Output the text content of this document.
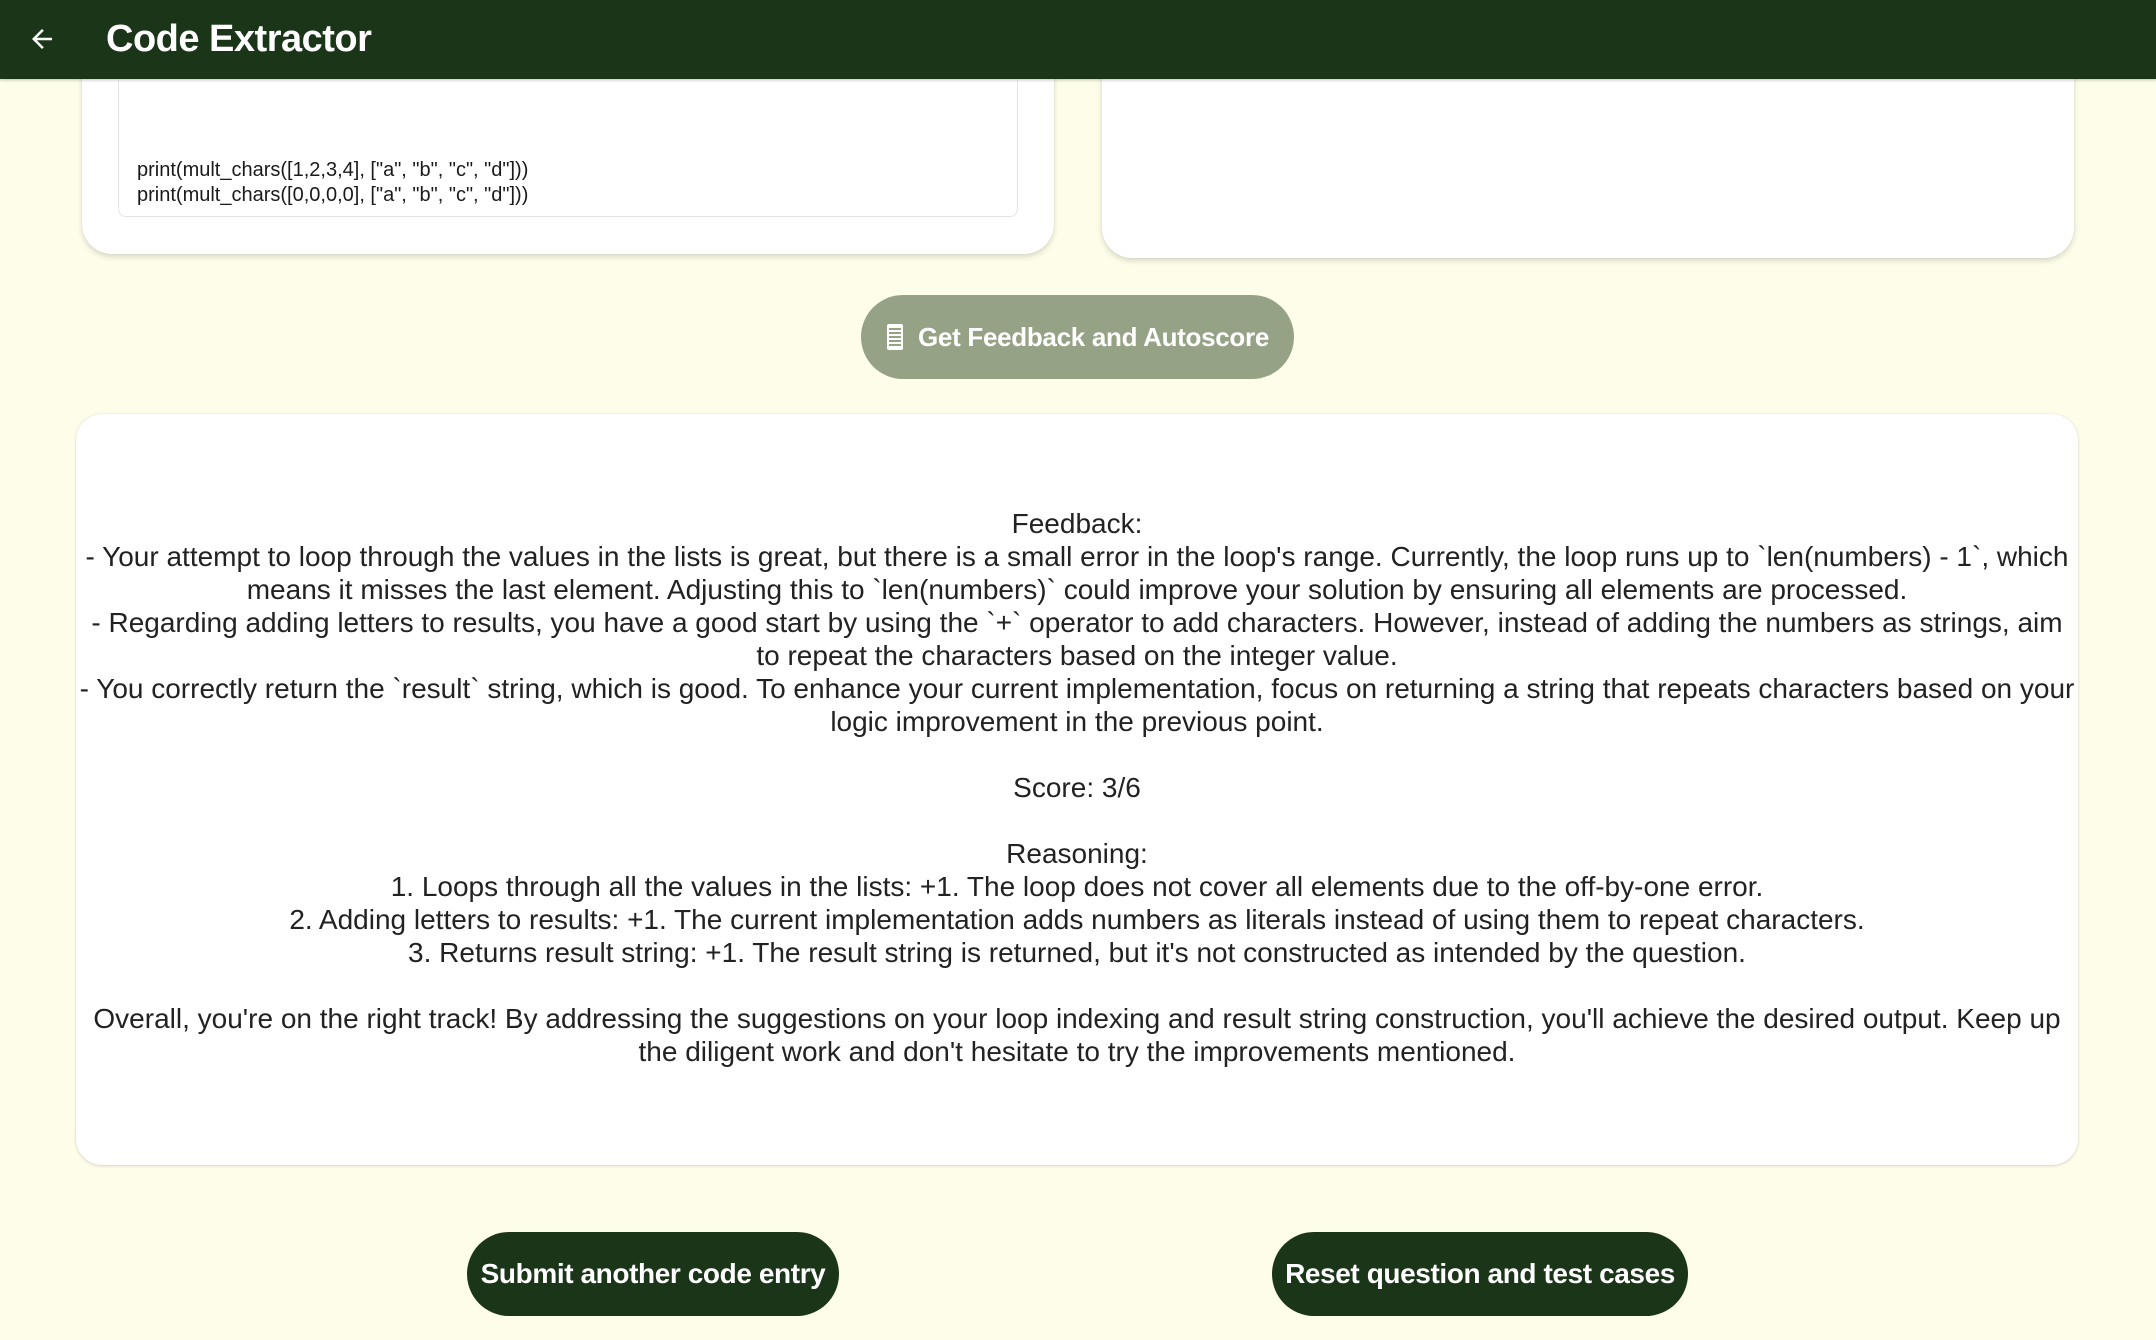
Code Extractor
print(mult_chars([1,2,3,4], ["a", "b", "c", "d"]))
print(mult_chars([0,0,0,0], ["a", "b", "c", "d"]))
Get Feedback and Autoscore
Feedback:
- Your attempt to loop through the values in the lists is great, but there is a small error in the loop's range. Currently, the loop runs up to `len(numbers) - 1`, which means it misses the last element. Adjusting this to `len(numbers)` could improve your solution by ensuring all elements are processed.
- Regarding adding letters to results, you have a good start by using the `+` operator to add characters. However, instead of adding the numbers as strings, aim to repeat the characters based on the integer value.
- You correctly return the `result` string, which is good. To enhance your current implementation, focus on returning a string that repeats characters based on your logic improvement in the previous point.

Score: 3/6

Reasoning:
1. Loops through all the values in the lists: +1. The loop does not cover all elements due to the off-by-one error.
2. Adding letters to results: +1. The current implementation adds numbers as literals instead of using them to repeat characters.
3. Returns result string: +1. The result string is returned, but it's not constructed as intended by the question.

Overall, you're on the right track! By addressing the suggestions on your loop indexing and result string construction, you'll achieve the desired output. Keep up the diligent work and don't hesitate to try the improvements mentioned.
Submit another code entry	Reset question and test cases
